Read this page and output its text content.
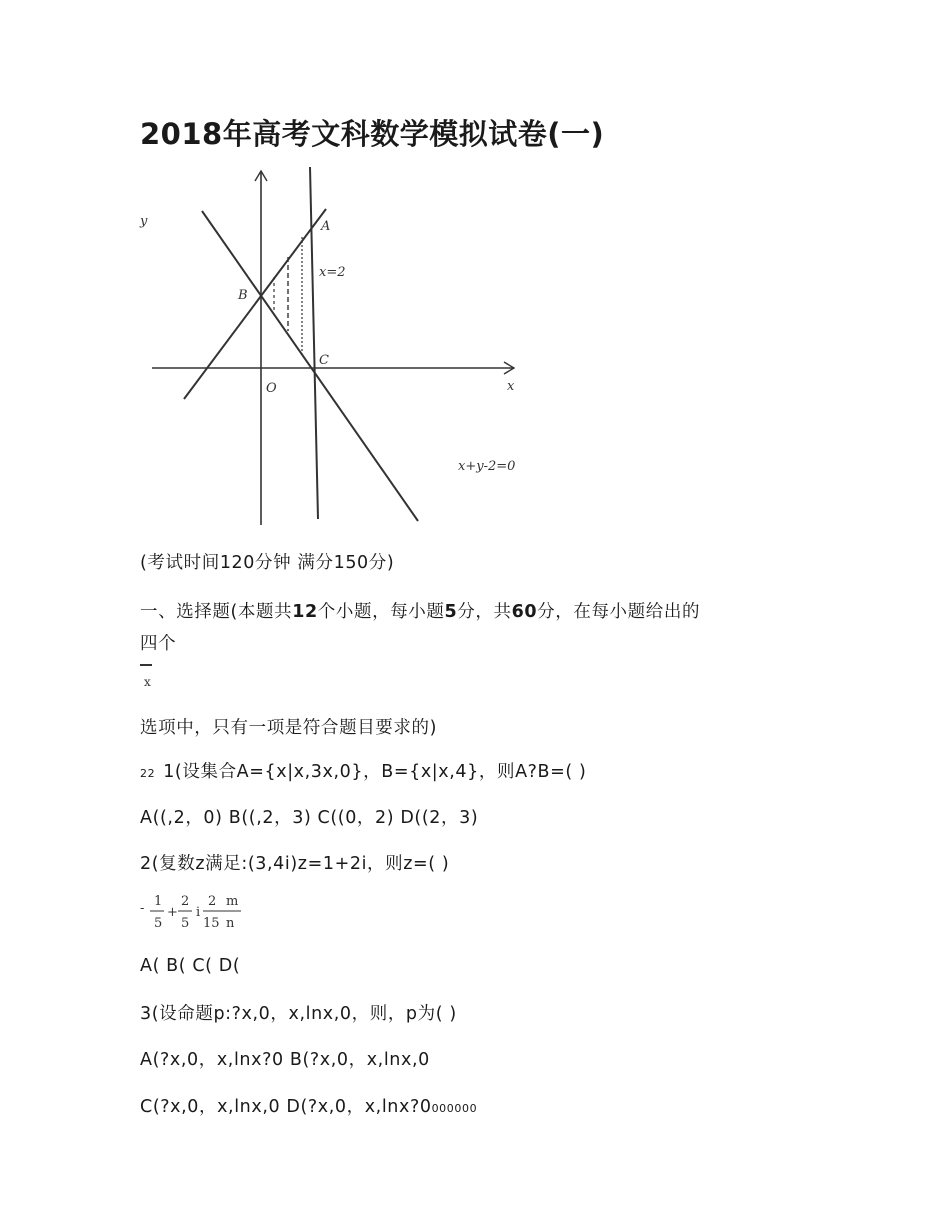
2018年高考文科数学模拟试卷(一)
y
x
O
A
B
C
x=2
x+y-2=0
(考试时间120分钟 满分150分)
一、选择题(本题共12个小题，每小题5分，共60分，在每小题给出的
四个
x
选项中，只有一项是符合题目要求的)
22 1(设集合A={x|x,3x,0}，B={x|x,4}，则A?B=( )
A((,2，0) B((,2，3) C((0，2) D((2，3)
2(复数z满足:(3,4i)z=1+2i，则z=( )
- 1
5
+
2
5
i
2 m
15 n
A( B( C( D(
3(设命题p:?x,0，x,lnx,0，则，p为( )
A(?x,0，x,lnx?0 B(?x,0，x,lnx,0
C(?x,0，x,lnx,0 D(?x,0，x,lnx?0000000
